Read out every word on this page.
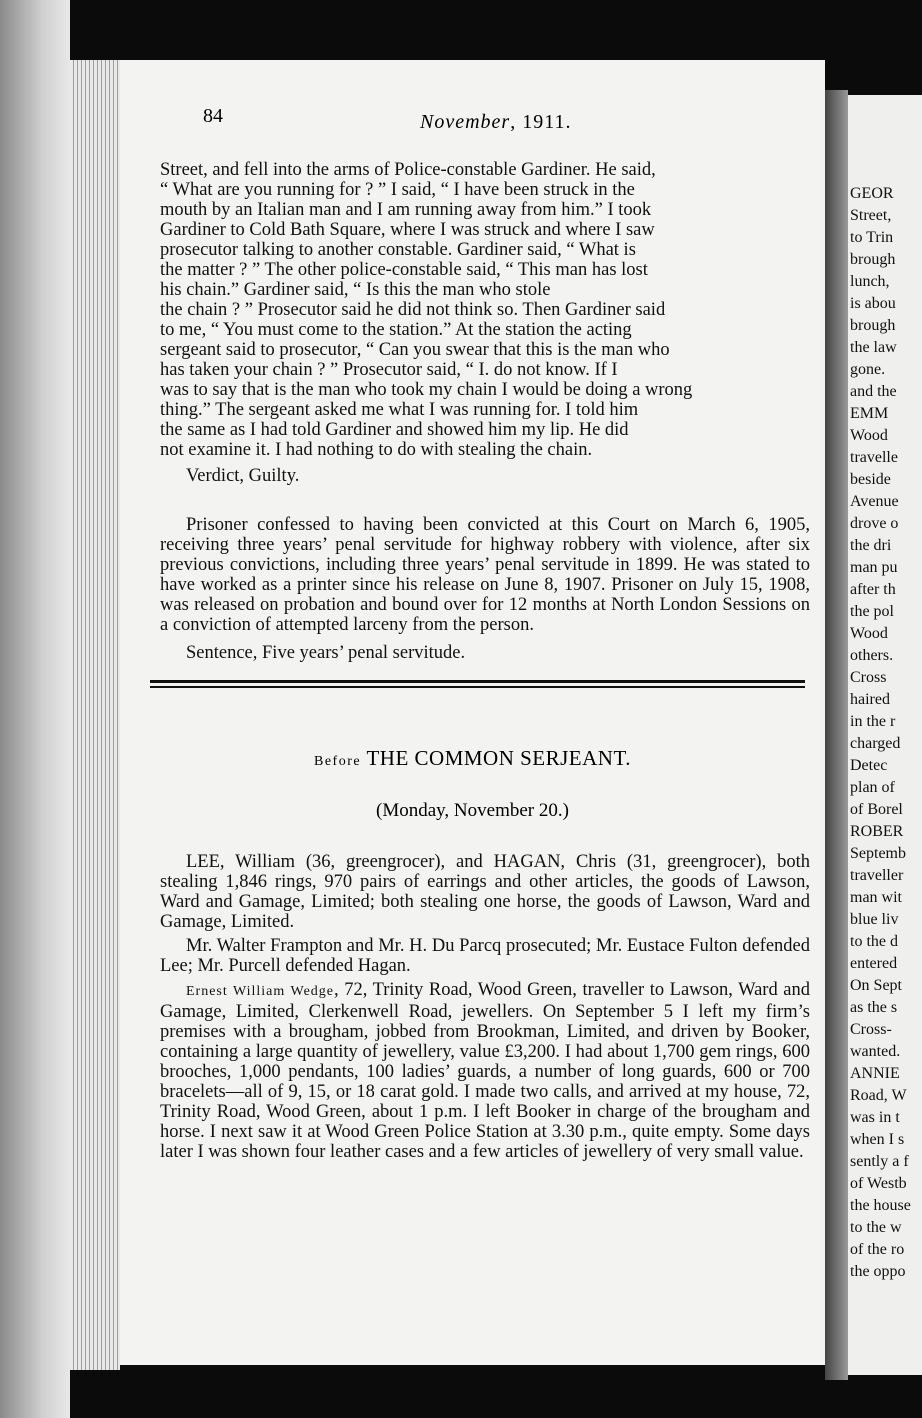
84	November, 1911.
Street, and fell into the arms of Police-constable Gardiner. He said,
“ What are you running for ? ” I said, “ I have been struck in the
mouth by an Italian man and I am running away from him.” I took
Gardiner to Cold Bath Square, where I was struck and where I saw
prosecutor talking to another constable. Gardiner said, “ What is
the matter ? ” The other police-constable said, “ This man has lost
his chain.” Gardiner said, “ Is this the man who stole
the chain ? ” Prosecutor said he did not think so. Then Gardiner said
to me, “ You must come to the station.” At the station the acting
sergeant said to prosecutor, “ Can you swear that this is the man who
has taken your chain ? ” Prosecutor said, “ I. do not know. If I
was to say that is the man who took my chain I would be doing a wrong
thing.” The sergeant asked me what I was running for. I told him
the same as I had told Gardiner and showed him my lip. He did
not examine it. I had nothing to do with stealing the chain.

Verdict, Guilty.

Prisoner confessed to having been convicted at this Court on March 6, 1905, receiving three years’ penal servitude for highway robbery with violence, after six previous convictions, including three years’ penal servitude in 1899. He was stated to have worked as a printer since his release on June 8, 1907. Prisoner on July 15, 1908, was released on probation and bound over for 12 months at North London Sessions on a conviction of attempted larceny from the person.

Sentence, Five years’ penal servitude.

Before THE COMMON SERJEANT.
(Monday, November 20.)

LEE, William (36, greengrocer), and HAGAN, Chris (31, greengrocer), both stealing 1,846 rings, 970 pairs of earrings and other articles, the goods of Lawson, Ward and Gamage, Limited; both stealing one horse, the goods of Lawson, Ward and Gamage, Limited.

Mr. Walter Frampton and Mr. H. Du Parcq prosecuted; Mr. Eustace Fulton defended Lee; Mr. Purcell defended Hagan.

Ernest William Wedge, 72, Trinity Road, Wood Green, traveller to Lawson, Ward and Gamage, Limited, Clerkenwell Road, jewellers. On September 5 I left my firm’s premises with a brougham, jobbed from Brookman, Limited, and driven by Booker, containing a large quantity of jewellery, value £3,200. I had about 1,700 gem rings, 600 brooches, 1,000 pendants, 100 ladies’ guards, a number of long guards, 600 or 700 bracelets—all of 9, 15, or 18 carat gold. I made two calls, and arrived at my house, 72, Trinity Road, Wood Green, about 1 p.m. I left Booker in charge of the brougham and horse. I next saw it at Wood Green Police Station at 3.30 p.m., quite empty. Some days later I was shown four leather cases and a few articles of jewellery of very small value.

GEOR
Street,
to Trin
brough
lunch,
is abou
brough
the law
gone.
and the
EMM
Wood
travelle
beside
Avenue
drove o
the dri
man pu
after th
the pol
Wood
others.
Cross
haired
in the r
charged
Detec
plan of
of Borel
ROBER
Septemb
traveller
man wit
blue liv
to the d
entered
On Sept
as the s
Cross-
wanted.
ANNIE
Road, W
was in t
when I s
sently a f
of Westb
the house
to the w
of the ro
the oppo
